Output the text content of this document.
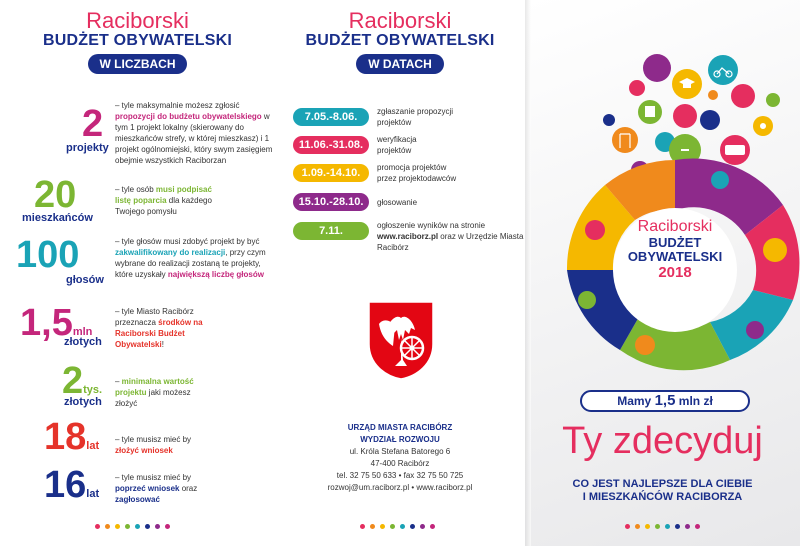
Raciborski
BUDŻET OBYWATELSKI
W LICZBACH
2
projekty
– tyle maksymalnie możesz zgłosić propozycji do budżetu obywatelskiego w tym 1 projekt lokalny (skierowany do mieszkańców strefy, w której mieszkasz) i 1 projekt ogólnomiejski, który swym zasięgiem obejmie wszystkich Raciborzan
20
mieszkańców
– tyle osób musi podpisać listę poparcia dla każdego Twojego pomysłu
100
głosów
– tyle głosów musi zdobyć projekt by być zakwalifikowany do realizacji, przy czym wybrane do realizacji zostaną te projekty, które uzyskały największą liczbę głosów
1,5mln
złotych
– tyle Miasto Racibórz przeznacza środków na Raciborski Budżet Obywatelski!
2tys.
złotych
– minimalna wartość projektu jaki możesz złożyć
18lat
– tyle musisz mieć by złożyć wniosek
16lat
– tyle musisz mieć by poprzeć wniosek oraz zagłosować
Raciborski
BUDŻET OBYWATELSKI
W DATACH
7.05.-8.06.	zgłaszanie propozycji projektów
11.06.-31.08.	weryfikacja projektów
1.09.-14.10.	promocja projektów przez projektodawców
15.10.-28.10.	głosowanie
7.11.	ogłoszenie wyników na stronie www.raciborz.pl oraz w Urzędzie Miasta Racibórz
URZĄD MIASTA RACIBÓRZ
WYDZIAŁ ROZWOJU
ul. Króla Stefana Batorego 6
47-400 Racibórz
tel. 32 75 50 633 • fax 32 75 50 725
rozwoj@um.raciborz.pl • www.raciborz.pl
Raciborski
BUDŻET
OBYWATELSKI
2018
Mamy 1,5 mln zł
Ty zdecyduj
CO JEST NAJLEPSZE DLA CIEBIE
I MIESZKAŃCÓW RACIBORZA
